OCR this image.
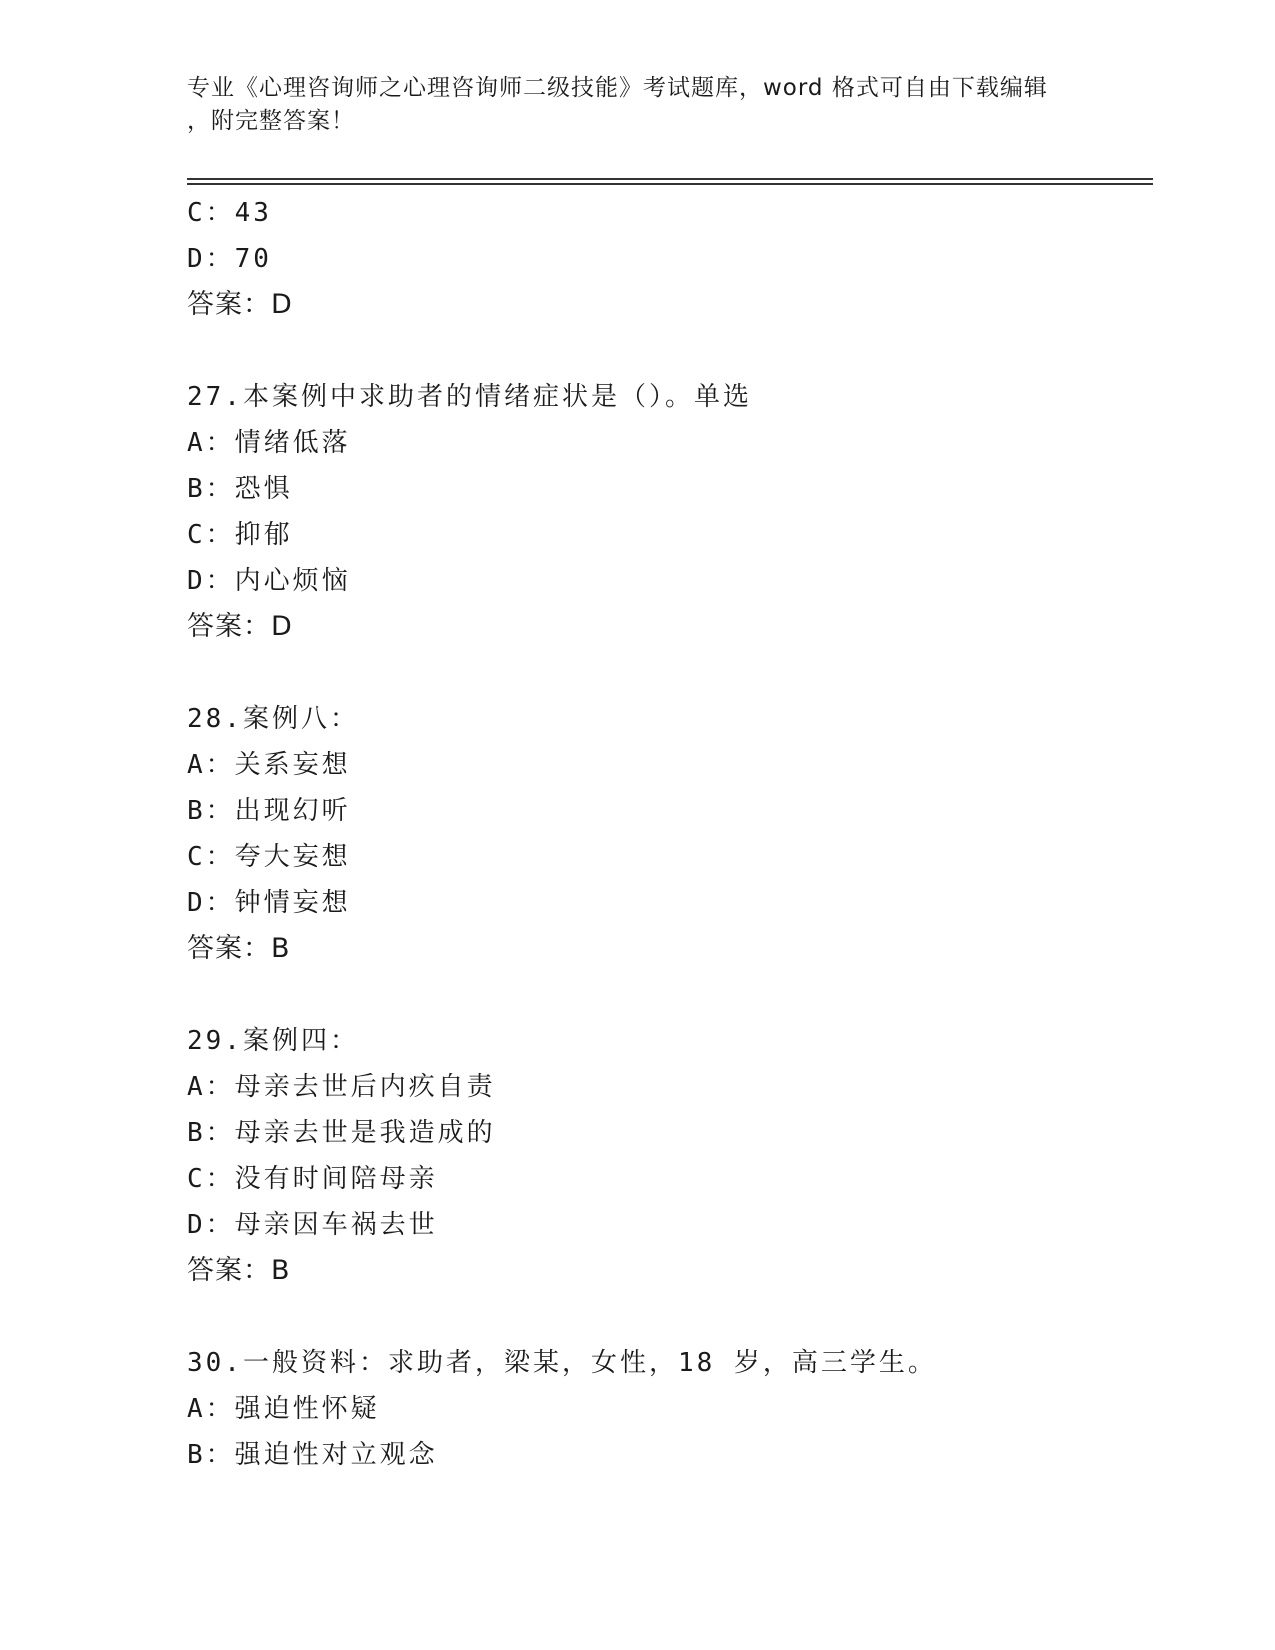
专业《心理咨询师之心理咨询师二级技能》考试题库，word 格式可自由下载编辑
，附完整答案！
C：43
D：70
答案：D
27.本案例中求助者的情绪症状是（）。单选
A：情绪低落
B：恐惧
C：抑郁
D：内心烦恼
答案：D
28.案例八：
A：关系妄想
B：出现幻听
C：夸大妄想
D：钟情妄想
答案：B
29.案例四：
A：母亲去世后内疚自责
B：母亲去世是我造成的
C：没有时间陪母亲
D：母亲因车祸去世
答案：B
30.一般资料：求助者，梁某，女性，18 岁，高三学生。
A：强迫性怀疑
B：强迫性对立观念
